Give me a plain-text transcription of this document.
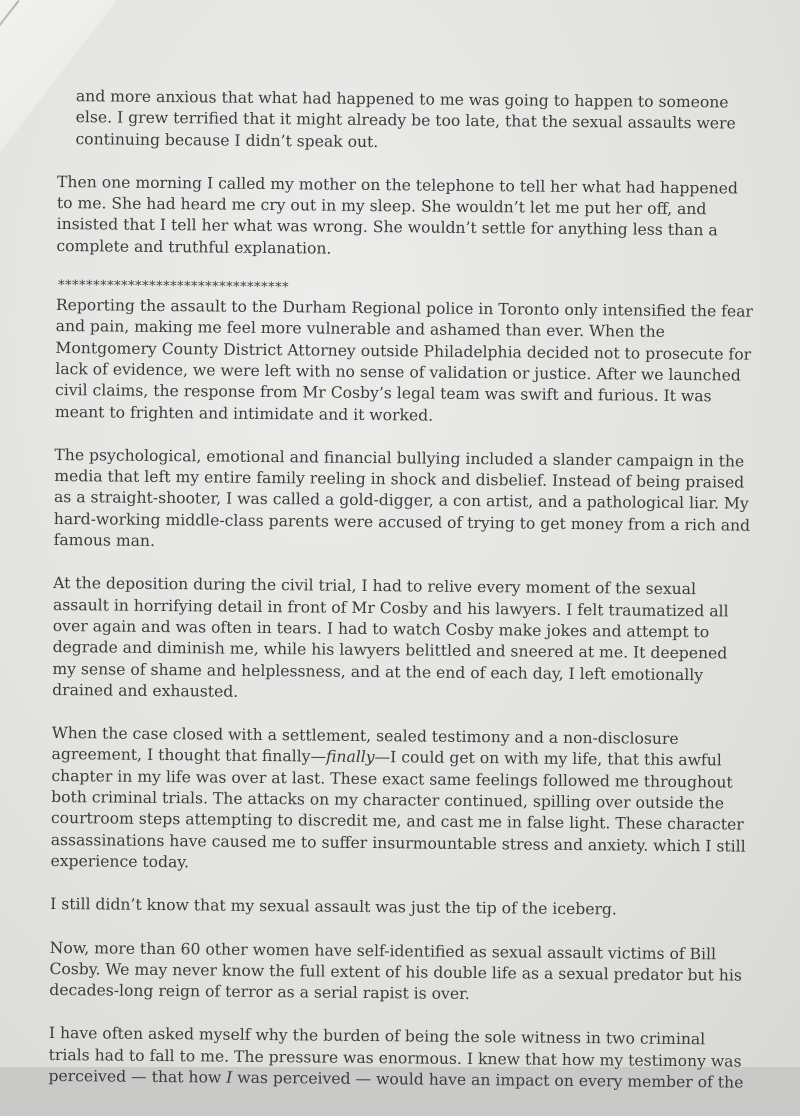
and more anxious that what had happened to me was going to happen to someone else. I grew terrified that it might already be too late, that the sexual assaults were continuing because I didn’t speak out.

Then one morning I called my mother on the telephone to tell her what had happened to me. She had heard me cry out in my sleep. She wouldn’t let me put her off, and insisted that I tell her what was wrong. She wouldn’t settle for anything less than a complete and truthful explanation.

*********************************

Reporting the assault to the Durham Regional police in Toronto only intensified the fear and pain, making me feel more vulnerable and ashamed than ever. When the Montgomery County District Attorney outside Philadelphia decided not to prosecute for lack of evidence, we were left with no sense of validation or justice. After we launched civil claims, the response from Mr Cosby’s legal team was swift and furious. It was meant to frighten and intimidate and it worked.

The psychological, emotional and financial bullying included a slander campaign in the media that left my entire family reeling in shock and disbelief. Instead of being praised as a straight-shooter, I was called a gold-digger, a con artist, and a pathological liar. My hard-working middle-class parents were accused of trying to get money from a rich and famous man.

At the deposition during the civil trial, I had to relive every moment of the sexual assault in horrifying detail in front of Mr Cosby and his lawyers. I felt traumatized all over again and was often in tears. I had to watch Cosby make jokes and attempt to degrade and diminish me, while his lawyers belittled and sneered at me. It deepened my sense of shame and helplessness, and at the end of each day, I left emotionally drained and exhausted.

When the case closed with a settlement, sealed testimony and a non-disclosure agreement, I thought that finally—finally—I could get on with my life, that this awful chapter in my life was over at last. These exact same feelings followed me throughout both criminal trials. The attacks on my character continued, spilling over outside the courtroom steps attempting to discredit me, and cast me in false light. These character assassinations have caused me to suffer insurmountable stress and anxiety. which I still experience today.

I still didn’t know that my sexual assault was just the tip of the iceberg.

Now, more than 60 other women have self-identified as sexual assault victims of Bill Cosby. We may never know the full extent of his double life as a sexual predator but his decades-long reign of terror as a serial rapist is over.

I have often asked myself why the burden of being the sole witness in two criminal trials had to fall to me. The pressure was enormous. I knew that how my testimony was perceived — that how I was perceived — would have an impact on every member of the
